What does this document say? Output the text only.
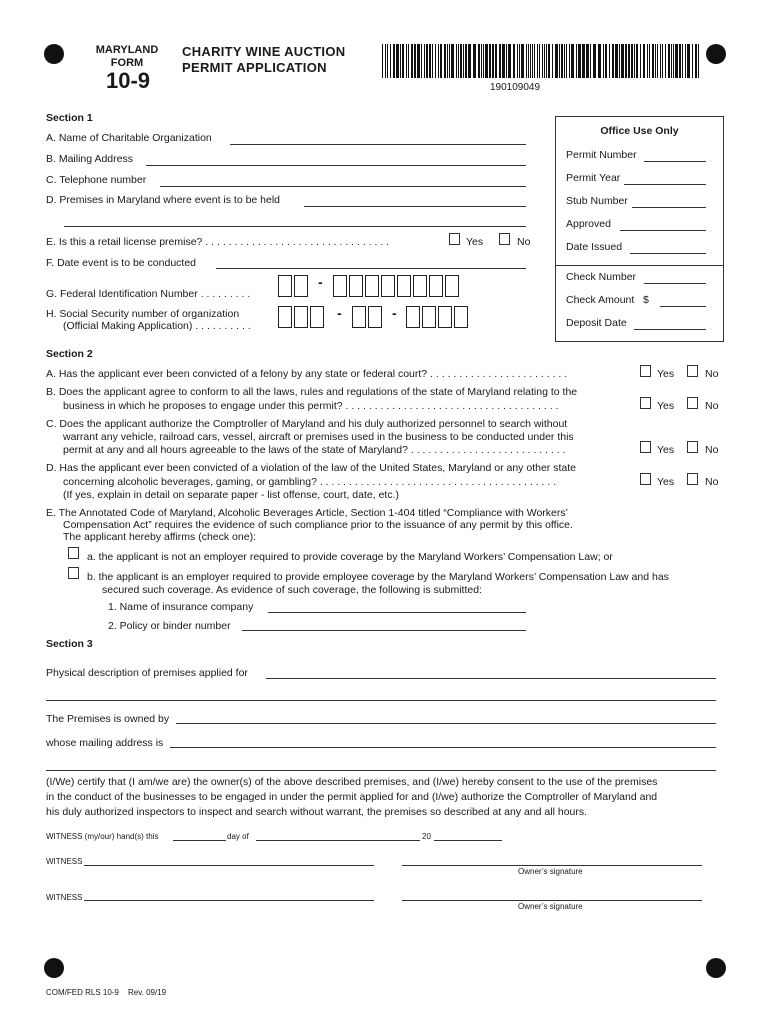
MARYLAND
FORM
10-9
CHARITY WINE AUCTION
PERMIT APPLICATION
190109049
Office Use Only
Permit Number
Permit Year
Stub Number
Approved
Date Issued
Check Number
Check Amount   $
Deposit Date
Section 1
A. Name of Charitable Organization
B. Mailing Address
C. Telephone number
D. Premises in Maryland where event is to be held
E. Is this a retail license premise? . . . . . . . . . . . . . . . . . . . . . . . . . . . . . . . .	Yes	No
F. Date event is to be conducted
G. Federal Identification Number . . . . . . . . .
-
H. Social Security number of organization
(Official Making Application) . . . . . . . . . .
-	-
Section 2
A. Has the applicant ever been convicted of a felony by any state or federal court? . . . . . . . . . . . . . . . . . . . . . . . .	Yes	No
B. Does the applicant agree to conform to all the laws, rules and regulations of the state of Maryland relating to the
business in which he proposes to engage under this permit? . . . . . . . . . . . . . . . . . . . . . . . . . . . . . . . . . . . . .	Yes	No
C. Does the applicant authorize the Comptroller of Maryland and his duly authorized personnel to search without
warrant any vehicle, railroad cars, vessel, aircraft or premises used in the business to be conducted under this
permit at any and all hours agreeable to the laws of the state of Maryland? . . . . . . . . . . . . . . . . . . . . . . . . . . .	Yes	No
D. Has the applicant ever been convicted of a violation of the law of the United States, Maryland or any other state
concerning alcoholic beverages, gaming, or gambling? . . . . . . . . . . . . . . . . . . . . . . . . . . . . . . . . . . . . . . . . .
(If yes, explain in detail on separate paper - list offense, court, date, etc.)
Yes	No
E. The Annotated Code of Maryland, Alcoholic Beverages Article, Section 1-404 titled “Compliance with Workers’
Compensation Act” requires the evidence of such compliance prior to the issuance of any permit by this office.
The applicant hereby affirms (check one):
a. the applicant is not an employer required to provide coverage by the Maryland Workers’ Compensation Law; or
b. the applicant is an employer required to provide employee coverage by the Maryland Workers’ Compensation Law and has
secured such coverage. As evidence of such coverage, the following is submitted:
1. Name of insurance company
2. Policy or binder number
Section 3
Physical description of premises applied for
The Premises is owned by
whose mailing address is
(I/We) certify that (I am/we are) the owner(s) of the above described premises, and (I/we) hereby consent to the use of the premises
in the conduct of the businesses to be engaged in under the permit applied for and (I/we) authorize the Comptroller of Maryland and
his duly authorized inspectors to inspect and search without warrant, the premises so described at any and all hours.
WITNESS (my/our) hand(s) this	day of	20
WITNESS
Owner’s signature
WITNESS
Owner’s signature
COM/FED RLS 10-9 Rev. 09/19
